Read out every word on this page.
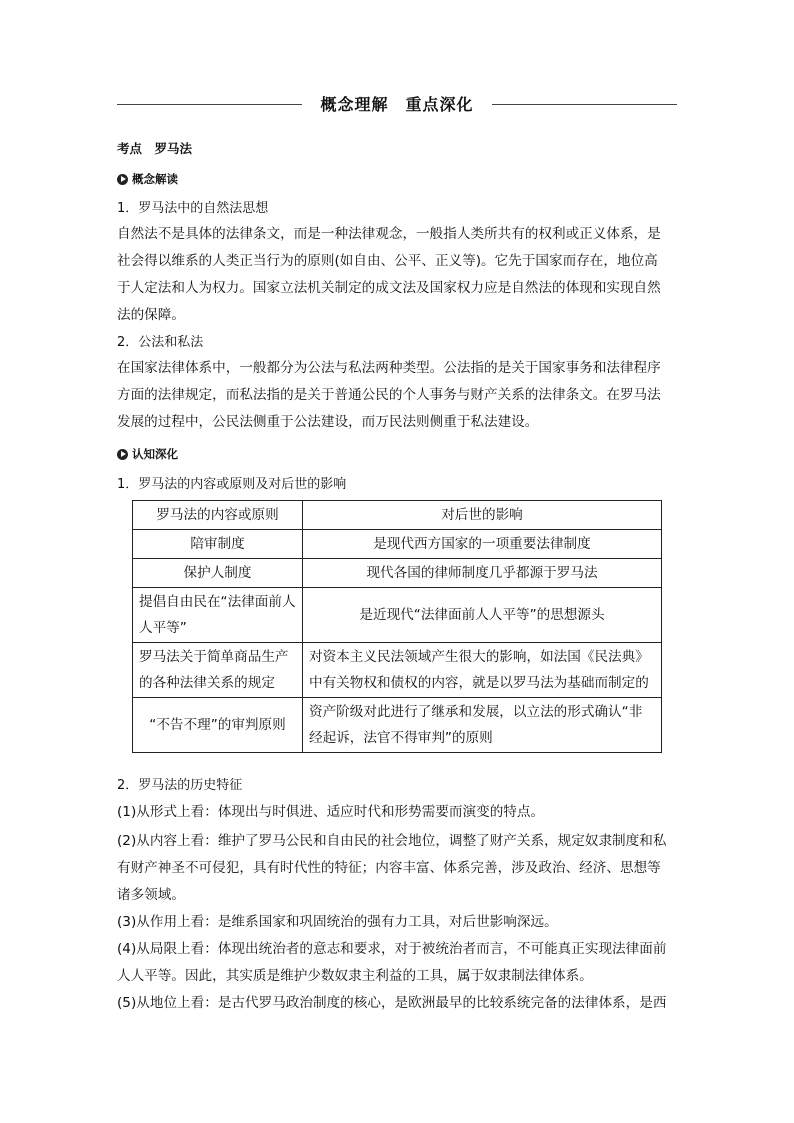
概念理解　重点深化
考点　罗马法
概念解读
1．罗马法中的自然法思想
自然法不是具体的法律条文，而是一种法律观念，一般指人类所共有的权利或正义体系，是
社会得以维系的人类正当行为的原则(如自由、公平、正义等)。它先于国家而存在，地位高
于人定法和人为权力。国家立法机关制定的成文法及国家权力应是自然法的体现和实现自然
法的保障。
2．公法和私法
在国家法律体系中，一般都分为公法与私法两种类型。公法指的是关于国家事务和法律程序
方面的法律规定，而私法指的是关于普通公民的个人事务与财产关系的法律条文。在罗马法
发展的过程中，公民法侧重于公法建设，而万民法则侧重于私法建设。
认知深化
1．罗马法的内容或原则及对后世的影响
罗马法的内容或原则	对后世的影响
陪审制度	是现代西方国家的一项重要法律制度
保护人制度	现代各国的律师制度几乎都源于罗马法
提倡自由民在“法律面前人人平等”	是近现代“法律面前人人平等”的思想源头
罗马法关于简单商品生产的各种法律关系的规定	对资本主义民法领域产生很大的影响，如法国《民法典》中有关物权和债权的内容，就是以罗马法为基础而制定的
“不告不理”的审判原则	资产阶级对此进行了继承和发展，以立法的形式确认“非经起诉，法官不得审判”的原则
2．罗马法的历史特征
(1)从形式上看：体现出与时俱进、适应时代和形势需要而演变的特点。
(2)从内容上看：维护了罗马公民和自由民的社会地位，调整了财产关系，规定奴隶制度和私
有财产神圣不可侵犯，具有时代性的特征；内容丰富、体系完善，涉及政治、经济、思想等
诸多领域。
(3)从作用上看：是维系国家和巩固统治的强有力工具，对后世影响深远。
(4)从局限上看：体现出统治者的意志和要求，对于被统治者而言，不可能真正实现法律面前
人人平等。因此，其实质是维护少数奴隶主利益的工具，属于奴隶制法律体系。
(5)从地位上看：是古代罗马政治制度的核心，是欧洲最早的比较系统完备的法律体系，是西
